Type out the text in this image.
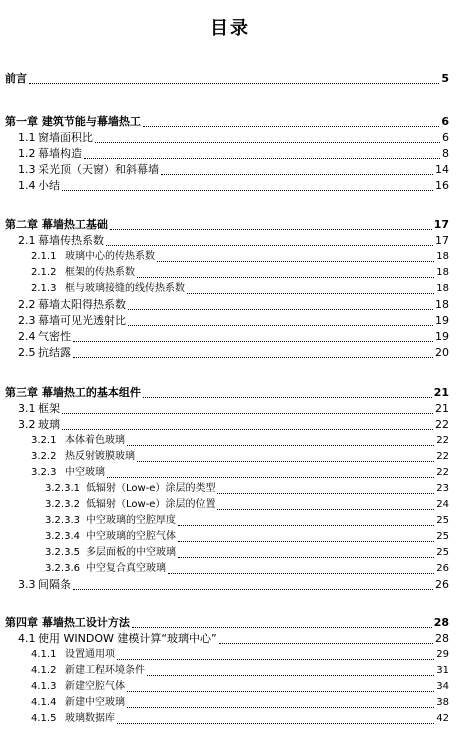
目录
前言	5
第一章 建筑节能与幕墙热工	6
1.1 窗墙面积比	6
1.2 幕墙构造	8
1.3 采光顶（天窗）和斜幕墙	14
1.4 小结	16
第二章 幕墙热工基础	17
2.1 幕墙传热系数	17
2.1.1 玻璃中心的传热系数	18
2.1.2 框架的传热系数	18
2.1.3 框与玻璃接缝的线传热系数	18
2.2 幕墙太阳得热系数	18
2.3 幕墙可见光透射比	19
2.4 气密性	19
2.5 抗结露	20
第三章 幕墙热工的基本组件	21
3.1 框架	21
3.2 玻璃	22
3.2.1 本体着色玻璃	22
3.2.2 热反射镀膜玻璃	22
3.2.3 中空玻璃	22
3.2.3.1 低辐射（Low-e）涂层的类型	23
3.2.3.2 低辐射（Low-e）涂层的位置	24
3.2.3.3 中空玻璃的空腔厚度	25
3.2.3.4 中空玻璃的空腔气体	25
3.2.3.5 多层面板的中空玻璃	25
3.2.3.6 中空复合真空玻璃	26
3.3 间隔条	26
第四章 幕墙热工设计方法	28
4.1 使用 WINDOW 建模计算“玻璃中心”	28
4.1.1 设置通用项	29
4.1.2 新建工程环境条件	31
4.1.3 新建空腔气体	34
4.1.4 新建中空玻璃	38
4.1.5 玻璃数据库	42
